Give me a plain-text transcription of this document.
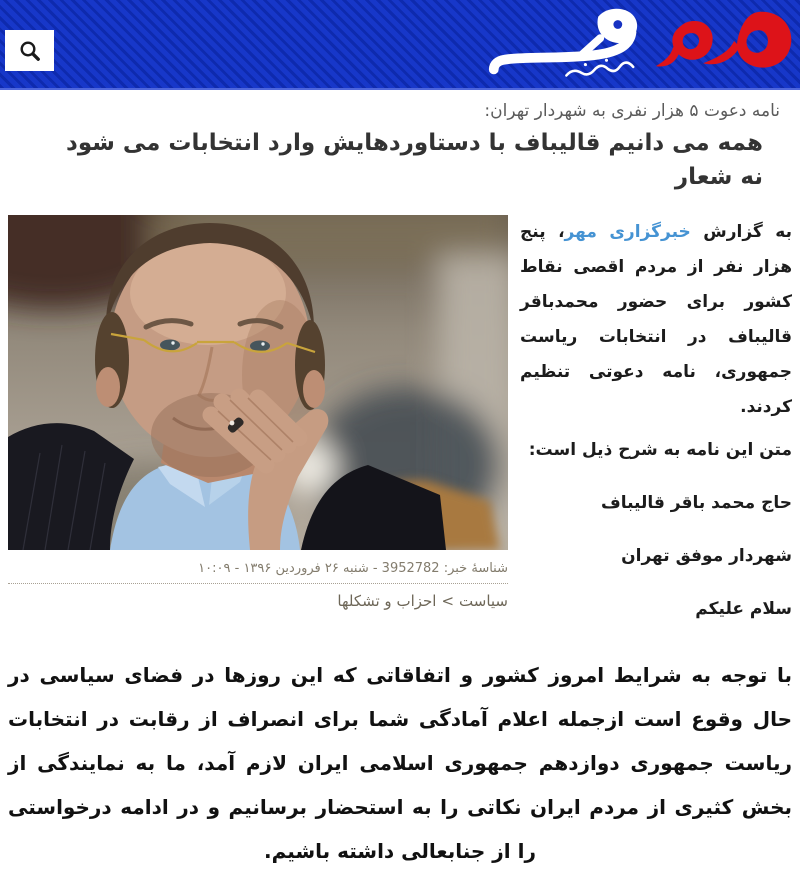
نامه دعوت ۵ هزار نفری به شهردار تهران:

همه می دانیم قالیباف با دستاوردهایش وارد انتخابات می شود نه شعار

به گزارش خبرگزاری مهر، پنج هزار نفر از مردم اقصی نقاط کشور برای حضور محمدباقر قالیباف در انتخابات ریاست جمهوری، نامه دعوتی تنظیم کردند.

متن این نامه به شرح ذیل است:

حاج محمد باقر قالیباف

شهردار موفق تهران

سلام علیکم

شناسهٔ خبر: 3952782 - شنبه ۲۶ فروردین ۱۳۹۶ - ۱۰:۰۹
سیاست>احزاب و تشکلها

با توجه به شرایط امروز کشور و اتفاقاتی که این روزها در فضای سیاسی در حال وقوع است ازجمله اعلام آمادگی شما برای انصراف از رقابت در انتخابات ریاست جمهوری دوازدهم جمهوری اسلامی ایران لازم آمد، ما به نمایندگی از بخش کثیری از مردم ایران نکاتی را به استحضار برسانیم و در ادامه درخواستی را از جنابعالی داشته باشیم.
